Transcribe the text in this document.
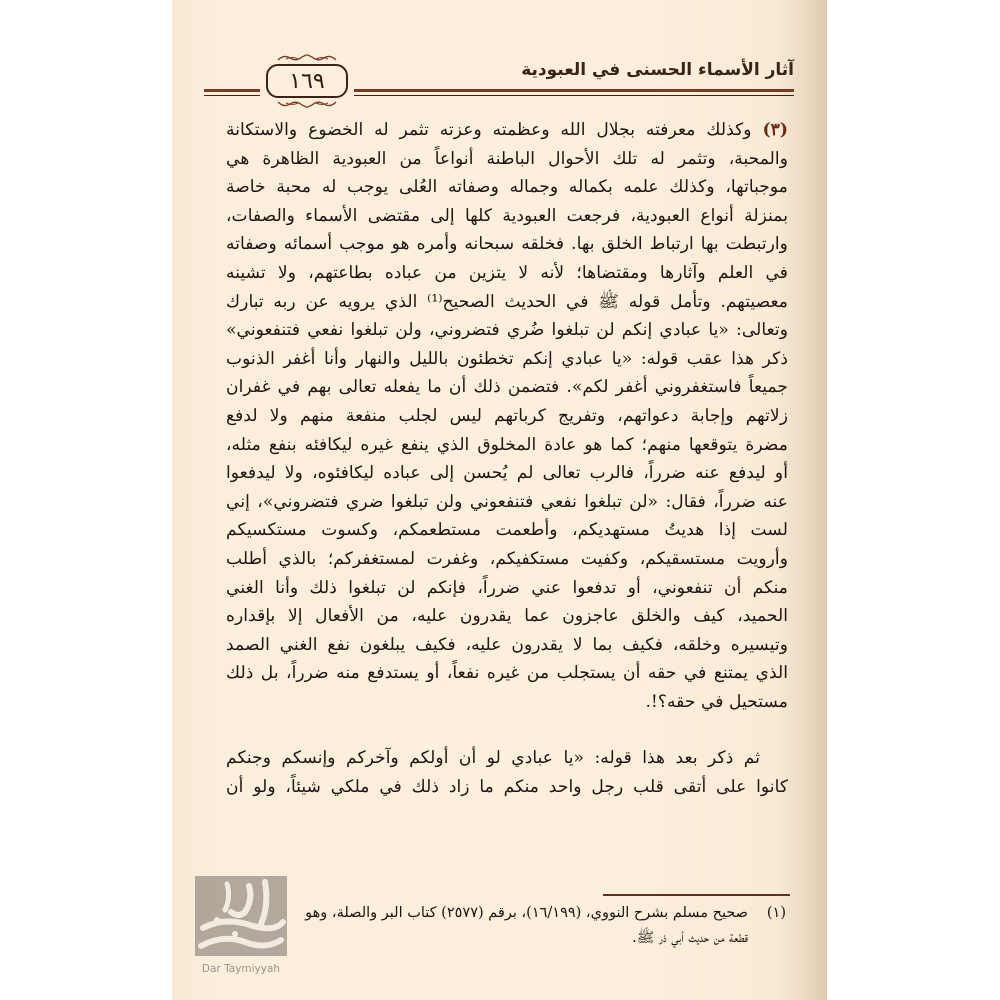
١٦٩	آثار الأسماء الحسنى في العبودية
(٣) وكذلك معرفته بجلال الله وعظمته وعزته تثمر له الخضوع والاستكانة
والمحبة، وتثمر له تلك الأحوال الباطنة أنواعاً من العبودية الظاهرة هي
موجباتها، وكذلك علمه بكماله وجماله وصفاته العُلى يوجب له محبة خاصة
بمنزلة أنواع العبودية، فرجعت العبودية كلها إلى مقتضى الأسماء والصفات،
وارتبطت بها ارتباط الخلق بها. فخلقه سبحانه وأمره هو موجب أسمائه وصفاته
في العلم وآثارها ومقتضاها؛ لأنه لا يتزين من عباده بطاعتهم، ولا تشينه
معصيتهم. وتأمل قوله ﷺ في الحديث الصحيح⁽¹⁾ الذي يرويه عن ربه تبارك
وتعالى: «يا عبادي إنكم لن تبلغوا ضُري فتضروني، ولن تبلغوا نفعي فتنفعوني»
ذكر هذا عقب قوله: «يا عبادي إنكم تخطئون بالليل والنهار وأنا أغفر الذنوب
جميعاً فاستغفروني أغفر لكم». فتضمن ذلك أن ما يفعله تعالى بهم في غفران
زلاتهم وإجابة دعواتهم، وتفريج كرباتهم ليس لجلب منفعة منهم ولا لدفع
مضرة يتوقعها منهم؛ كما هو عادة المخلوق الذي ينفع غيره ليكافئه بنفع مثله،
أو ليدفع عنه ضرراً، فالرب تعالى لم يُحسن إلى عباده ليكافئوه، ولا ليدفعوا
عنه ضرراً، فقال: «لن تبلغوا نفعي فتنفعوني ولن تبلغوا ضري فتضروني»، إني
لست إذا هديتُ مستهديكم، وأطعمت مستطعمكم، وكسوت مستكسيكم
وأرويت مستسقيكم، وكفيت مستكفيكم، وغفرت لمستغفركم؛ بالذي أطلب
منكم أن تنفعوني، أو تدفعوا عني ضرراً، فإنكم لن تبلغوا ذلك وأنا الغني
الحميد، كيف والخلق عاجزون عما يقدرون عليه، من الأفعال إلا بإقداره
وتيسيره وخلقه، فكيف بما لا يقدرون عليه، فكيف يبلغون نفع الغني الصمد
الذي يمتنع في حقه أن يستجلب من غيره نفعاً، أو يستدفع منه ضرراً، بل ذلك
مستحيل في حقه؟!.
ثم ذكر بعد هذا قوله: «يا عبادي لو أن أولكم وآخركم وإنسكم وجنكم
كانوا على أتقى قلب رجل واحد منكم ما زاد ذلك في ملكي شيئاً، ولو أن
(١)صحيح مسلم بشرح النووي، (١٦/١٩٩)، برقم (٢٥٧٧) كتاب البر والصلة، وهو
قطعة من حديث أبي ذر ﷺ.
Dar Taymiyyah
